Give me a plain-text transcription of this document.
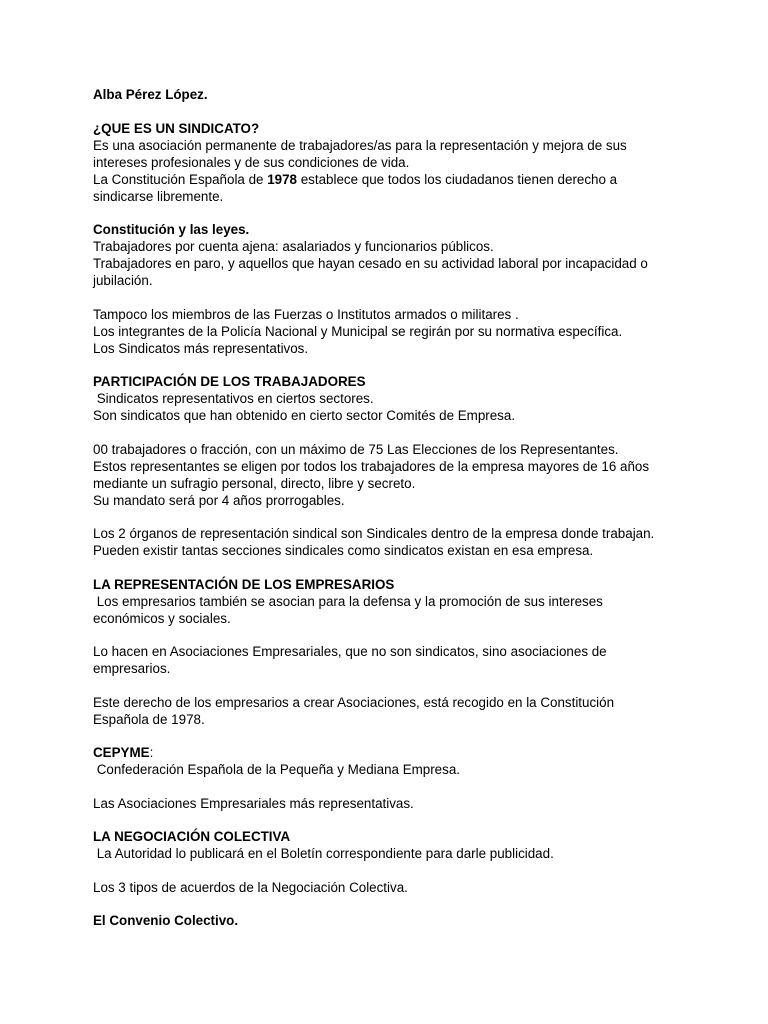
Alba Pérez López.
¿QUE ES UN SINDICATO?
Es una asociación permanente de trabajadores/as para la representación y mejora de sus
intereses profesionales y de sus condiciones de vida.
La Constitución Española de 1978 establece que todos los ciudadanos tienen derecho a
sindicarse libremente.
Constitución y las leyes.
Trabajadores por cuenta ajena: asalariados y funcionarios públicos.
Trabajadores en paro, y aquellos que hayan cesado en su actividad laboral por incapacidad o
jubilación.
Tampoco los miembros de las Fuerzas o Institutos armados o militares .
Los integrantes de la Policía Nacional y Municipal se regirán por su normativa específica.
Los Sindicatos más representativos.
PARTICIPACIÓN DE LOS TRABAJADORES
Sindicatos representativos en ciertos sectores.
Son sindicatos que han obtenido en cierto sector Comités de Empresa.
00 trabajadores o fracción, con un máximo de 75 Las Elecciones de los Representantes.
Estos representantes se eligen por todos los trabajadores de la empresa mayores de 16 años
mediante un sufragio personal, directo, libre y secreto.
Su mandato será por 4 años prorrogables.
Los 2 órganos de representación sindical son Sindicales dentro de la empresa donde trabajan.
Pueden existir tantas secciones sindicales como sindicatos existan en esa empresa.
LA REPRESENTACIÓN DE LOS EMPRESARIOS
Los empresarios también se asocian para la defensa y la promoción de sus intereses
económicos y sociales.
Lo hacen en Asociaciones Empresariales, que no son sindicatos, sino asociaciones de
empresarios.
Este derecho de los empresarios a crear Asociaciones, está recogido en la Constitución
Española de 1978.
CEPYME:
Confederación Española de la Pequeña y Mediana Empresa.
Las Asociaciones Empresariales más representativas.
LA NEGOCIACIÓN COLECTIVA
La Autoridad lo publicará en el Boletín correspondiente para darle publicidad.
Los 3 tipos de acuerdos de la Negociación Colectiva.
El Convenio Colectivo.
